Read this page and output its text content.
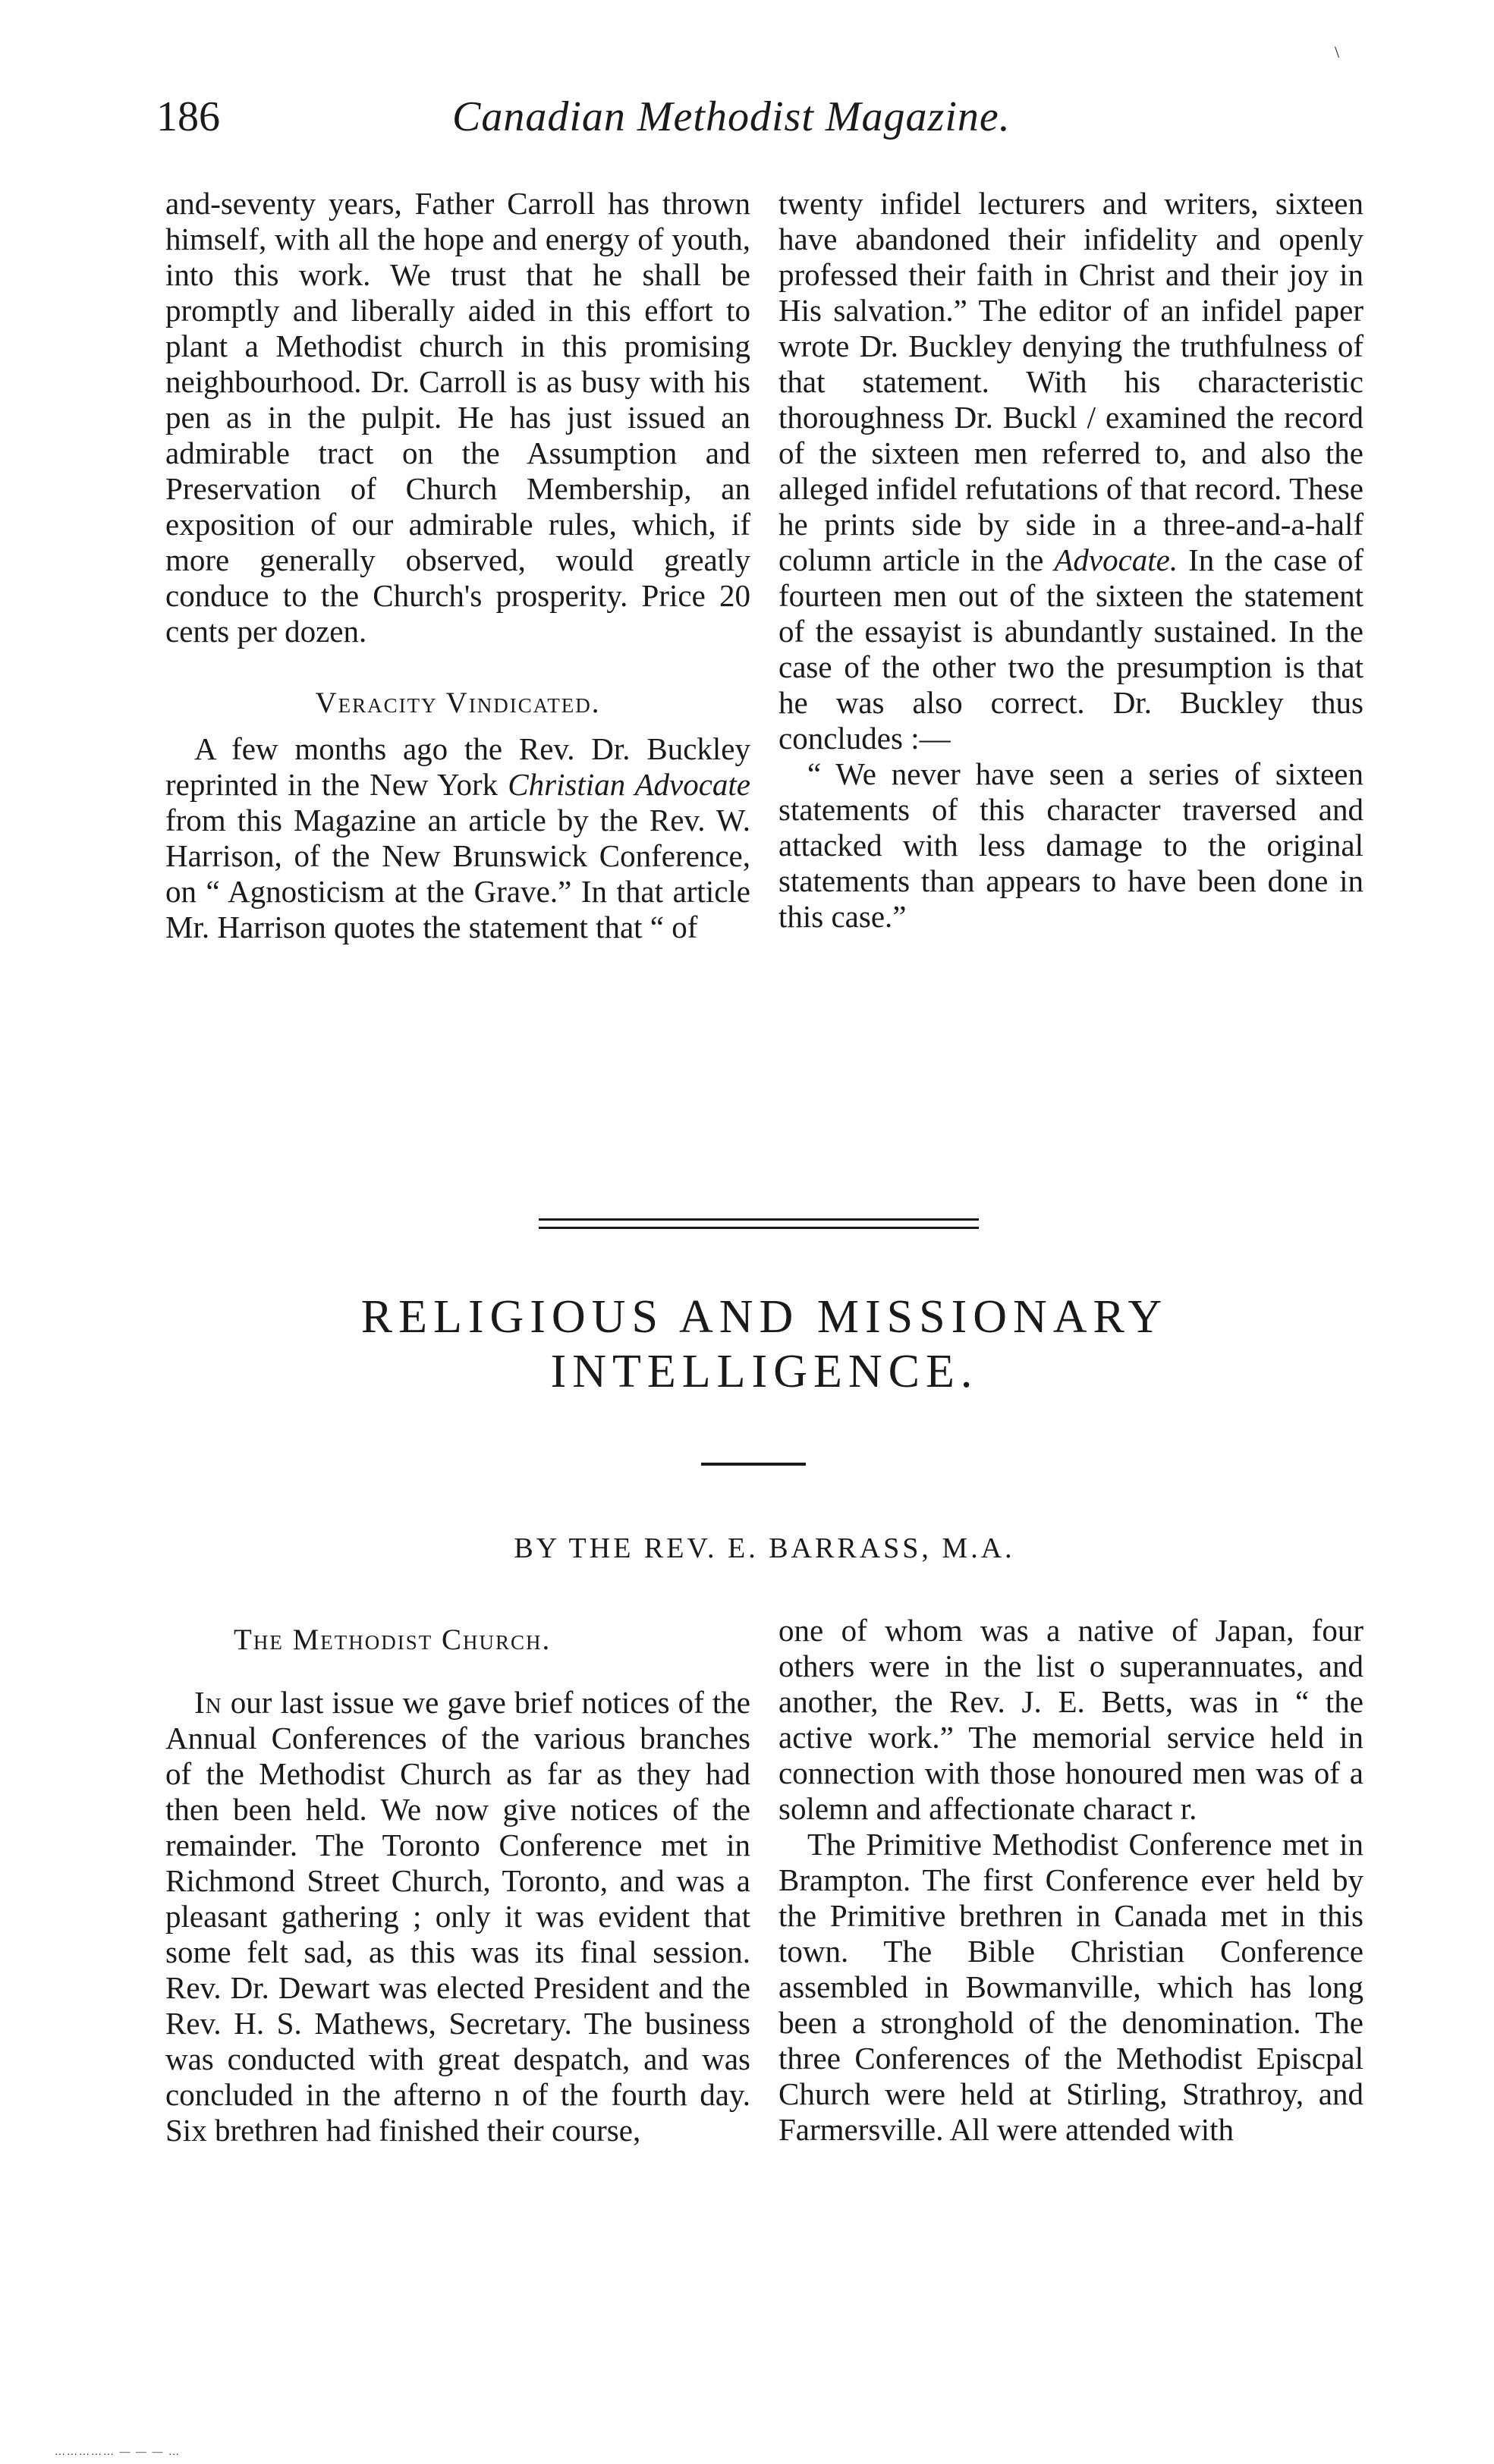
\
186	Canadian Methodist Magazine.

and-seventy years, Father Carroll has thrown himself, with all the hope and energy of youth, into this work. We trust that he shall be promptly and liberally aided in this effort to plant a Methodist church in this promising neighbourhood. Dr. Carroll is as busy with his pen as in the pulpit. He has just issued an admirable tract on the Assumption and Preservation of Church Membership, an exposition of our admirable rules, which, if more generally observed, would greatly conduce to the Church's prosperity. Price 20 cents per dozen.

Veracity Vindicated.

A few months ago the Rev. Dr. Buckley reprinted in the New York Christian Advocate from this Magazine an article by the Rev. W. Harrison, of the New Brunswick Conference, on “ Agnosticism at the Grave.” In that article Mr. Harrison quotes the statement that “ of

twenty infidel lecturers and writers, sixteen have abandoned their infidelity and openly professed their faith in Christ and their joy in His salvation.” The editor of an infidel paper wrote Dr. Buckley denying the truthfulness of that statement. With his characteristic thoroughness Dr. Buckl / examined the record of the sixteen men referred to, and also the alleged infidel refutations of that record. These he prints side by side in a three-and-a-half column article in the Advocate. In the case of fourteen men out of the sixteen the statement of the essayist is abundantly sustained. In the case of the other two the presumption is that he was also correct. Dr. Buckley thus concludes :—

“ We never have seen a series of sixteen statements of this character traversed and attacked with less damage to the original statements than appears to have been done in this case.”

RELIGIOUS AND MISSIONARY
INTELLIGENCE.
BY THE REV. E. BARRASS, M.A.

The Methodist Church.

In our last issue we gave brief notices of the Annual Conferences of the various branches of the Methodist Church as far as they had then been held. We now give notices of the remainder. The Toronto Conference met in Richmond Street Church, Toronto, and was a pleasant gathering ; only it was evident that some felt sad, as this was its final session. Rev. Dr. Dewart was elected President and the Rev. H. S. Mathews, Secretary. The business was conducted with great despatch, and was concluded in the afterno n of the fourth day. Six brethren had finished their course,

one of whom was a native of Japan, four others were in the list o superannuates, and another, the Rev. J. E. Betts, was in “ the active work.” The memorial service held in connection with those honoured men was of a solemn and affectionate charact r.

The Primitive Methodist Conference met in Brampton. The first Conference ever held by the Primitive brethren in Canada met in this town. The Bible Christian Conference assembled in Bowmanville, which has long been a stronghold of the denomination. The three Conferences of the Methodist Episcpal Church were held at Stirling, Strathroy, and Farmersville. All were attended with

…………… — — — …
